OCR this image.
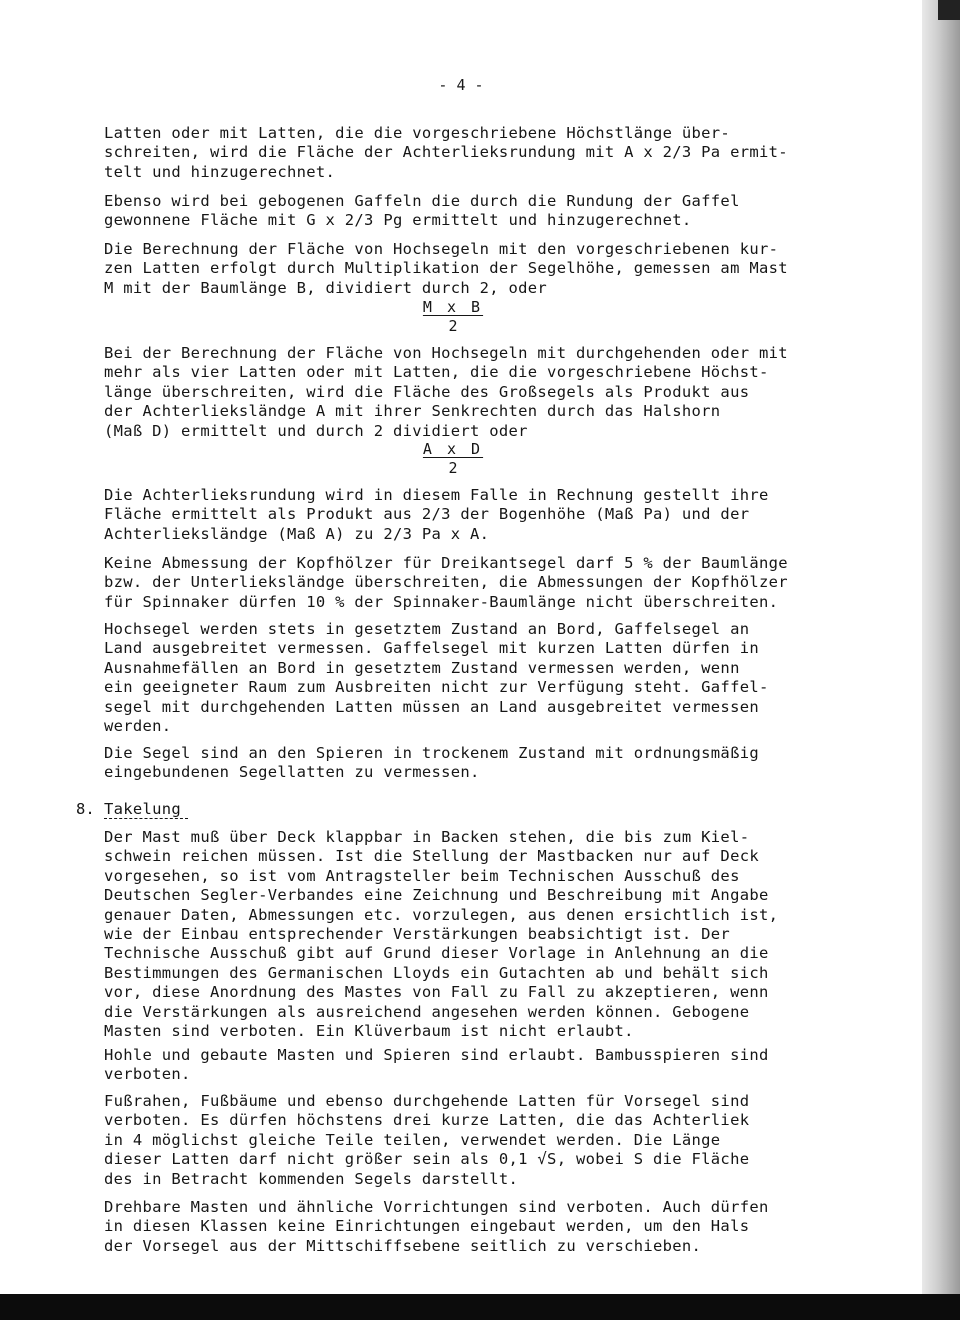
- 4 -
Latten oder mit Latten, die die vorgeschriebene Höchstlänge über-
schreiten, wird die Fläche der Achterlieksrundung mit A x 2/3 Pa ermit-
telt und hinzugerechnet.
Ebenso wird bei gebogenen Gaffeln die durch die Rundung der Gaffel
gewonnene Fläche mit G x 2/3 Pg ermittelt und hinzugerechnet.
Die Berechnung der Fläche von Hochsegeln mit den vorgeschriebenen kur-
zen Latten erfolgt durch Multiplikation der Segelhöhe, gemessen am Mast
M mit der Baumlänge B, dividiert durch 2, oder
$\frac{\text{M x B}}{2}$
Bei der Berechnung der Fläche von Hochsegeln mit durchgehenden oder mit
mehr als vier Latten oder mit Latten, die die vorgeschriebene Höchst-
länge überschreiten, wird die Fläche des Großsegels als Produkt aus
der Achterlieksländge A mit ihrer Senkrechten durch das Halshorn
(Maß D) ermittelt und durch 2 dividiert oder
$\frac{\text{A x D}}{2}$
Die Achterlieksrundung wird in diesem Falle in Rechnung gestellt ihre
Fläche ermittelt als Produkt aus 2/3 der Bogenhöhe (Maß Pa) und der
Achterlieksländge (Maß A) zu 2/3 Pa x A.
Keine Abmessung der Kopfhölzer für Dreikantsegel darf 5 % der Baumlänge
bzw. der Unterlieksländge überschreiten, die Abmessungen der Kopfhölzer
für Spinnaker dürfen 10 % der Spinnaker-Baumlänge nicht überschreiten.
Hochsegel werden stets in gesetztem Zustand an Bord, Gaffelsegel an
Land ausgebreitet vermessen. Gaffelsegel mit kurzen Latten dürfen in
Ausnahmefällen an Bord in gesetztem Zustand vermessen werden, wenn
ein geeigneter Raum zum Ausbreiten nicht zur Verfügung steht. Gaffel-
segel mit durchgehenden Latten müssen an Land ausgebreitet vermessen
werden.
Die Segel sind an den Spieren in trockenem Zustand mit ordnungsmäßig
eingebundenen Segellatten zu vermessen.
8. Takelung
Der Mast muß über Deck klappbar in Backen stehen, die bis zum Kiel-
schwein reichen müssen. Ist die Stellung der Mastbacken nur auf Deck
vorgesehen, so ist vom Antragsteller beim Technischen Ausschuß des
Deutschen Segler-Verbandes eine Zeichnung und Beschreibung mit Angabe
genauer Daten, Abmessungen etc. vorzulegen, aus denen ersichtlich ist,
wie der Einbau entsprechender Verstärkungen beabsichtigt ist. Der
Technische Ausschuß gibt auf Grund dieser Vorlage in Anlehnung an die
Bestimmungen des Germanischen Lloyds ein Gutachten ab und behält sich
vor, diese Anordnung des Mastes von Fall zu Fall zu akzeptieren, wenn
die Verstärkungen als ausreichend angesehen werden können. Gebogene
Masten sind verboten. Ein Klüverbaum ist nicht erlaubt.
Hohle und gebaute Masten und Spieren sind erlaubt. Bambusspieren sind
verboten.
Fußrahen, Fußbäume und ebenso durchgehende Latten für Vorsegel sind
verboten. Es dürfen höchstens drei kurze Latten, die das Achterliek
in 4 möglichst gleiche Teile teilen, verwendet werden. Die Länge
dieser Latten darf nicht größer sein als 0,1 √S, wobei S die Fläche
des in Betracht kommenden Segels darstellt.
Drehbare Masten und ähnliche Vorrichtungen sind verboten. Auch dürfen
in diesen Klassen keine Einrichtungen eingebaut werden, um den Hals
der Vorsegel aus der Mittschiffsebene seitlich zu verschieben.
